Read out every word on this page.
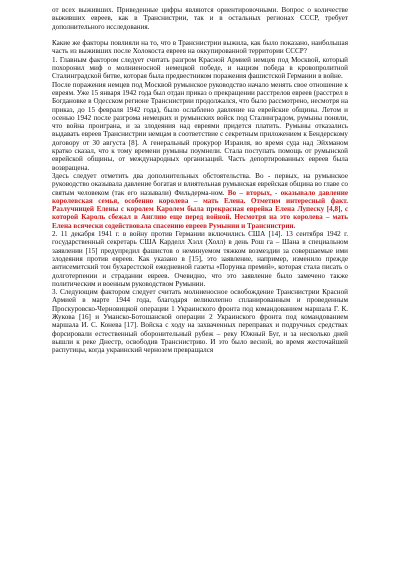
от всех выживших. Приведенные цифры являются ориентировочными. Вопрос о количестве выживших евреев, как в Транснистрии, так и в остальных регионах СССР, требует дополнительного исследования.

Какие же факторы повлияли на то, что в Транснистрии выжила, как было показано, наибольшая часть из выживших после Холокоста евреев на оккупированной территории СССР?

1. Главным фактором следует считать разгром Красной Армией немцев под Москвой, который похоронил миф о молниеносной немецкой победе, и нацизм победа в кровопролитной Сталинградской битве, которая была предвестником поражения фашистской Германии в войне.

После поражения немцев под Москвой румынское руководство начало менять свое отношение к евреям. Уже 15 января 1942 года был отдан приказ о прекращении расстрелов евреев (расстрел в Богдановке в Одесском регионе Транснистрии продолжался, что было рассмотрено, несмотря на приказ, до 15 февраля 1942 года), было ослаблено давление на еврейские общины. Летом и осенью 1942 после разгрома немецких и румынских войск под Сталинградом, румыны поняли, что война проиграна, и за злодеяния над евреями придется платить. Румыны отказались выдавать евреев Транснистрии немцам в соответствие с секретным приложением к Бендерскому договору от 30 августа [8]. А генеральный прокурор Израиля, во время суда над Эйхманом кратко сказал, что к тому времени румыны поумнели. Стала поступать помощь от румынской еврейской общины, от международных организаций. Часть депортированных евреев была возвращена.

Здесь следует отметить два дополнительных обстоятельства. Во - первых, на румынское руководство оказывала давление богатая и влиятельная румынская еврейская община во главе со святым человеком (так его называли) Фильдерма-ном. Во – вторых, - оказывало давление королевская семья, особенно королева – мать Елена. Отметим интересный факт. Разлучницей Елены с королем Каролем была прекрасная еврейка Елена Лупеску [4,8], с которой Кароль сбежал в Англию еще перед войной. Несмотря на это королева – мать Елена всячески содействовала спасению евреев Румынии и Транснистрии.

2. 11 декабря 1941 г. в войну против Германии включились США [14]. 13 сентября 1942 г. государственный секретарь США Карделл Хэлл (Холл) в день Рош га – Шана в специальном заявлении [15] предупредил фашистов о неминуемом тяжком возмездии за совершаемые ими злодеяния против евреев. Как указано в [15], это заявление, например, изменило прежде антисемитский тон бухарестской ежедневной газеты «Порунка премий», которая стала писать о долготерпении и страдании евреев. Очевидно, что это заявление было замечено также политическим и военным руководством Румынии.

3. Следующим фактором следует считать молниеносное освобождение Транснистрии Красной Армией в марте 1944 года, благодаря великолепно спланированным и проведенным Проскуровско-Черновицкой операции 1 Украинского фронта под командованием маршала Г. К. Жукова [16] и Уманско-Ботошанской операции 2 Украинского фронта под командованием маршала И. С. Конева [17]. Войска с ходу на захваченных переправах и подручных средствах форсировали естественный оборонительный рубеж – реку Южный Буг, и за несколько дней вышли к реке Днестр, освободив Транснистрию. И это было весной, во время жесточайшей распутицы, когда украинский чернозем превращался
